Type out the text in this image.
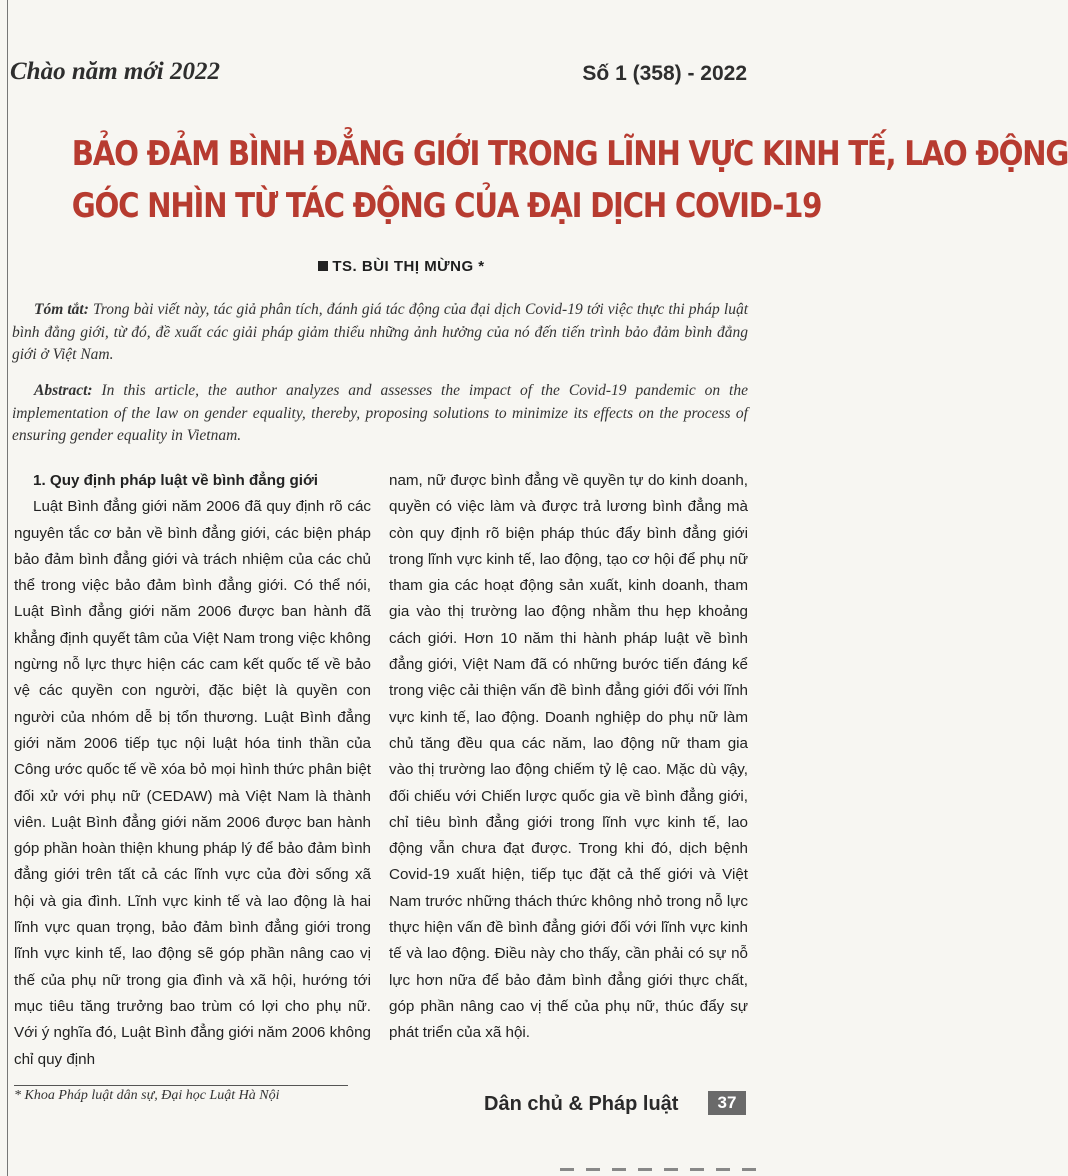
Chào năm mới 2022	Số 1 (358) - 2022
BẢO ĐẢM BÌNH ĐẲNG GIỚI TRONG LĨNH VỰC KINH TẾ, LAO ĐỘNG
GÓC NHÌN TỪ TÁC ĐỘNG CỦA ĐẠI DỊCH COVID-19
TS. BÙI THỊ MỪNG *
Tóm tắt: Trong bài viết này, tác giả phân tích, đánh giá tác động của đại dịch Covid-19 tới việc thực thi pháp luật bình đẳng giới, từ đó, đề xuất các giải pháp giảm thiểu những ảnh hưởng của nó đến tiến trình bảo đảm bình đẳng giới ở Việt Nam.
Abstract: In this article, the author analyzes and assesses the impact of the Covid-19 pandemic on the implementation of the law on gender equality, thereby, proposing solutions to minimize its effects on the process of ensuring gender equality in Vietnam.
1. Quy định pháp luật về bình đẳng giới

Luật Bình đẳng giới năm 2006 đã quy định rõ các nguyên tắc cơ bản về bình đẳng giới, các biện pháp bảo đảm bình đẳng giới và trách nhiệm của các chủ thể trong việc bảo đảm bình đẳng giới. Có thể nói, Luật Bình đẳng giới năm 2006 được ban hành đã khẳng định quyết tâm của Việt Nam trong việc không ngừng nỗ lực thực hiện các cam kết quốc tế về bảo vệ các quyền con người, đặc biệt là quyền con người của nhóm dễ bị tổn thương. Luật Bình đẳng giới năm 2006 tiếp tục nội luật hóa tinh thần của Công ước quốc tế về xóa bỏ mọi hình thức phân biệt đối xử với phụ nữ (CEDAW) mà Việt Nam là thành viên. Luật Bình đẳng giới năm 2006 được ban hành góp phần hoàn thiện khung pháp lý để bảo đảm bình đẳng giới trên tất cả các lĩnh vực của đời sống xã hội và gia đình. Lĩnh vực kinh tế và lao động là hai lĩnh vực quan trọng, bảo đảm bình đẳng giới trong lĩnh vực kinh tế, lao động sẽ góp phần nâng cao vị thế của phụ nữ trong gia đình và xã hội, hướng tới mục tiêu tăng trưởng bao trùm có lợi cho phụ nữ. Với ý nghĩa đó, Luật Bình đẳng giới năm 2006 không chỉ quy định

nam, nữ được bình đẳng về quyền tự do kinh doanh, quyền có việc làm và được trả lương bình đẳng mà còn quy định rõ biện pháp thúc đẩy bình đẳng giới trong lĩnh vực kinh tế, lao động, tạo cơ hội để phụ nữ tham gia các hoạt động sản xuất, kinh doanh, tham gia vào thị trường lao động nhằm thu hẹp khoảng cách giới. Hơn 10 năm thi hành pháp luật về bình đẳng giới, Việt Nam đã có những bước tiến đáng kể trong việc cải thiện vấn đề bình đẳng giới đối với lĩnh vực kinh tế, lao động. Doanh nghiệp do phụ nữ làm chủ tăng đều qua các năm, lao động nữ tham gia vào thị trường lao động chiếm tỷ lệ cao. Mặc dù vậy, đối chiếu với Chiến lược quốc gia về bình đẳng giới, chỉ tiêu bình đẳng giới trong lĩnh vực kinh tế, lao động vẫn chưa đạt được. Trong khi đó, dịch bệnh Covid-19 xuất hiện, tiếp tục đặt cả thế giới và Việt Nam trước những thách thức không nhỏ trong nỗ lực thực hiện vấn đề bình đẳng giới đối với lĩnh vực kinh tế và lao động. Điều này cho thấy, cần phải có sự nỗ lực hơn nữa để bảo đảm bình đẳng giới thực chất, góp phần nâng cao vị thế của phụ nữ, thúc đẩy sự phát triển của xã hội.

* Khoa Pháp luật dân sự, Đại học Luật Hà Nội	Dân chủ & Pháp luật	37
